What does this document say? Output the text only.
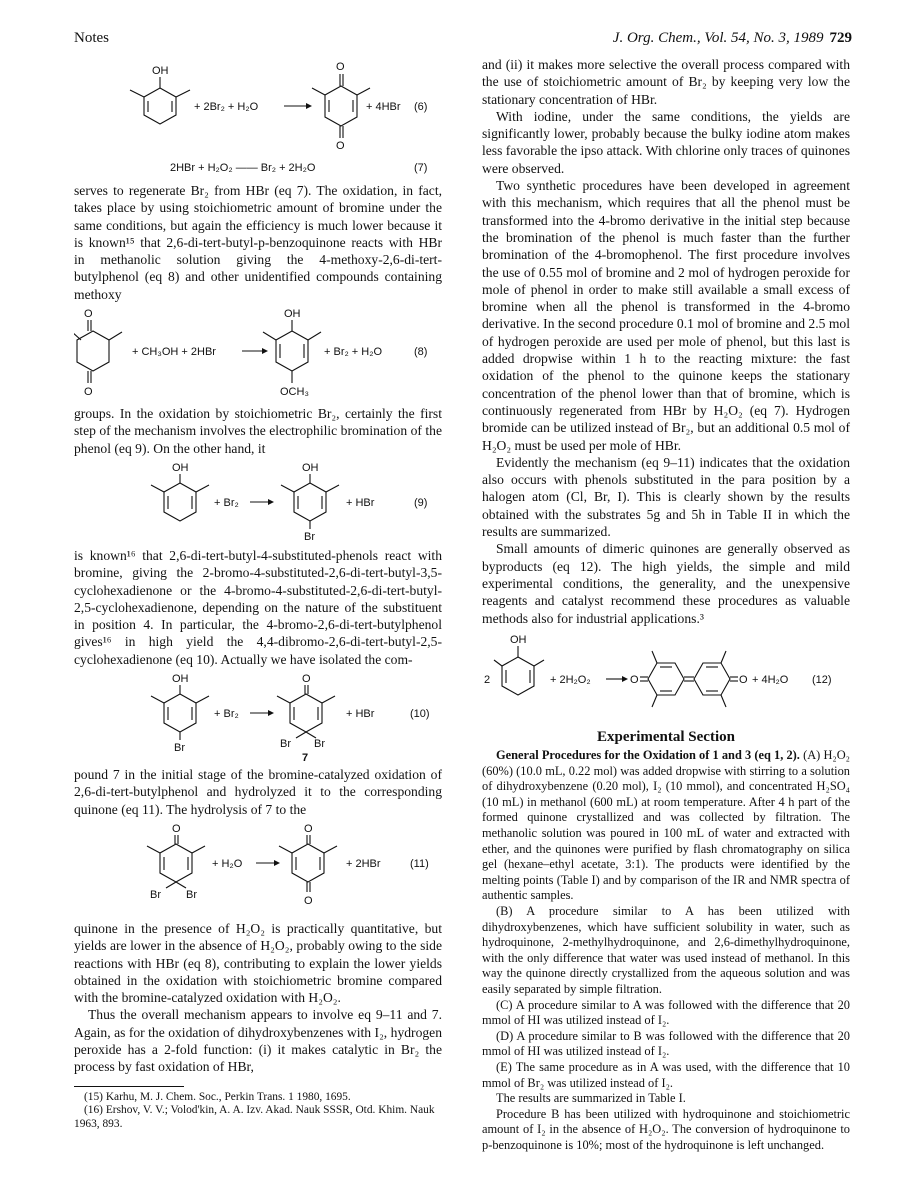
Notes	J. Org. Chem., Vol. 54, No. 3, 1989 729
OH
+ 2Br₂ + H₂O
O
O
+ 4HBr (6)
2HBr + H₂O₂ —— Br₂ + 2H₂O	(7)

serves to regenerate Br₂ from HBr (eq 7). The oxidation, in fact, takes place by using stoichiometric amount of bromine under the same conditions, but again the efficiency is much lower because it is known¹⁵ that 2,6-di-tert-butyl-p-benzoquinone reacts with HBr in methanolic solution giving the 4-methoxy-2,6-di-tert-butylphenol (eq 8) and other unidentified compounds containing methoxy

O
O
+ CH₃OH + 2HBr
OH
OCH₃
+ Br₂ + H₂O	(8)

groups. In the oxidation by stoichiometric Br₂, certainly the first step of the mechanism involves the electrophilic bromination of the phenol (eq 9). On the other hand, it

OH
+ Br₂
OH
Br
+ HBr	(9)

is known¹⁶ that 2,6-di-tert-butyl-4-substituted-phenols react with bromine, giving the 2-bromo-4-substituted-2,6-di-tert-butyl-3,5-cyclohexadienone or the 4-bromo-4-substituted-2,6-di-tert-butyl-2,5-cyclohexadienone, depending on the nature of the substituent in position 4. In particular, the 4-bromo-2,6-di-tert-butylphenol gives¹⁶ in high yield the 4,4-dibromo-2,6-di-tert-butyl-2,5-cyclohexadienone (eq 10). Actually we have isolated the com-

OH
Br
+ Br₂
O
Br Br
7
+ HBr	(10)

pound 7 in the initial stage of the bromine-catalyzed oxidation of 2,6-di-tert-butylphenol and hydrolyzed it to the corresponding quinone (eq 11). The hydrolysis of 7 to the

O
Br Br
+ H₂O
O
O
+ 2HBr	(11)

quinone in the presence of H₂O₂ is practically quantitative, but yields are lower in the absence of H₂O₂, probably owing to the side reactions with HBr (eq 8), contributing to explain the lower yields obtained in the oxidation with stoichiometric bromine compared with the bromine-catalyzed oxidation with H₂O₂.

Thus the overall mechanism appears to involve eq 9–11 and 7. Again, as for the oxidation of dihydroxybenzenes with I₂, hydrogen peroxide has a 2-fold function: (i) it makes catalytic in Br₂ the process by fast oxidation of HBr,

(15) Karhu, M. J. Chem. Soc., Perkin Trans. 1 1980, 1695.

(16) Ershov, V. V.; Volod'kin, A. A. Izv. Akad. Nauk SSSR, Otd. Khim. Nauk 1963, 893.

and (ii) it makes more selective the overall process compared with the use of stoichiometric amount of Br₂ by keeping very low the stationary concentration of HBr.

With iodine, under the same conditions, the yields are significantly lower, probably because the bulky iodine atom makes less favorable the ipso attack. With chlorine only traces of quinones were observed.

Two synthetic procedures have been developed in agreement with this mechanism, which requires that all the phenol must be transformed into the 4-bromo derivative in the initial step because the bromination of the phenol is much faster than the further bromination of the 4-bromophenol. The first procedure involves the use of 0.55 mol of bromine and 2 mol of hydrogen peroxide for mole of phenol in order to make still available a small excess of bromine when all the phenol is transformed in the 4-bromo derivative. In the second procedure 0.1 mol of bromine and 2.5 mol of hydrogen peroxide are used per mole of phenol, but this last is added dropwise within 1 h to the reacting mixture: the fast oxidation of the phenol to the quinone keeps the stationary concentration of the phenol lower than that of bromine, which is continuously regenerated from HBr by H₂O₂ (eq 7). Hydrogen bromide can be utilized instead of Br₂, but an additional 0.5 mol of H₂O₂ must be used per mole of HBr.

Evidently the mechanism (eq 9–11) indicates that the oxidation also occurs with phenols substituted in the para position by a halogen atom (Cl, Br, I). This is clearly shown by the results obtained with the substrates 5g and 5h in Table II in which the results are summarized.

Small amounts of dimeric quinones are generally observed as byproducts (eq 12). The high yields, the simple and mild experimental conditions, the generality, and the unexpensive reagents and catalyst recommend these procedures as valuable methods also for industrial applications.³

2
OH
+ 2H₂O₂	O	O + 4H₂O (12)
Experimental Section

General Procedures for the Oxidation of 1 and 3 (eq 1, 2). (A) H₂O₂ (60%) (10.0 mL, 0.22 mol) was added dropwise with stirring to a solution of dihydroxybenzene (0.20 mol), I₂ (10 mmol), and concentrated H₂SO₄ (10 mL) in methanol (600 mL) at room temperature. After 4 h part of the formed quinone crystallized and was collected by filtration. The methanolic solution was poured in 100 mL of water and extracted with ether, and the quinones were purified by flash chromatography on silica gel (hexane–ethyl acetate, 3:1). The products were identified by the melting points (Table I) and by comparison of the IR and NMR spectra of authentic samples.

(B) A procedure similar to A has been utilized with dihydroxybenzenes, which have sufficient solubility in water, such as hydroquinone, 2-methylhydroquinone, and 2,6-dimethylhydroquinone, with the only difference that water was used instead of methanol. In this way the quinone directly crystallized from the aqueous solution and was easily separated by simple filtration.

(C) A procedure similar to A was followed with the difference that 20 mmol of HI was utilized instead of I₂.

(D) A procedure similar to B was followed with the difference that 20 mmol of HI was utilized instead of I₂.

(E) The same procedure as in A was used, with the difference that 10 mmol of Br₂ was utilized instead of I₂.

The results are summarized in Table I.

Procedure B has been utilized with hydroquinone and stoichiometric amount of I₂ in the absence of H₂O₂. The conversion of hydroquinone to p-benzoquinone is 10%; most of the hydroquinone is left unchanged.
